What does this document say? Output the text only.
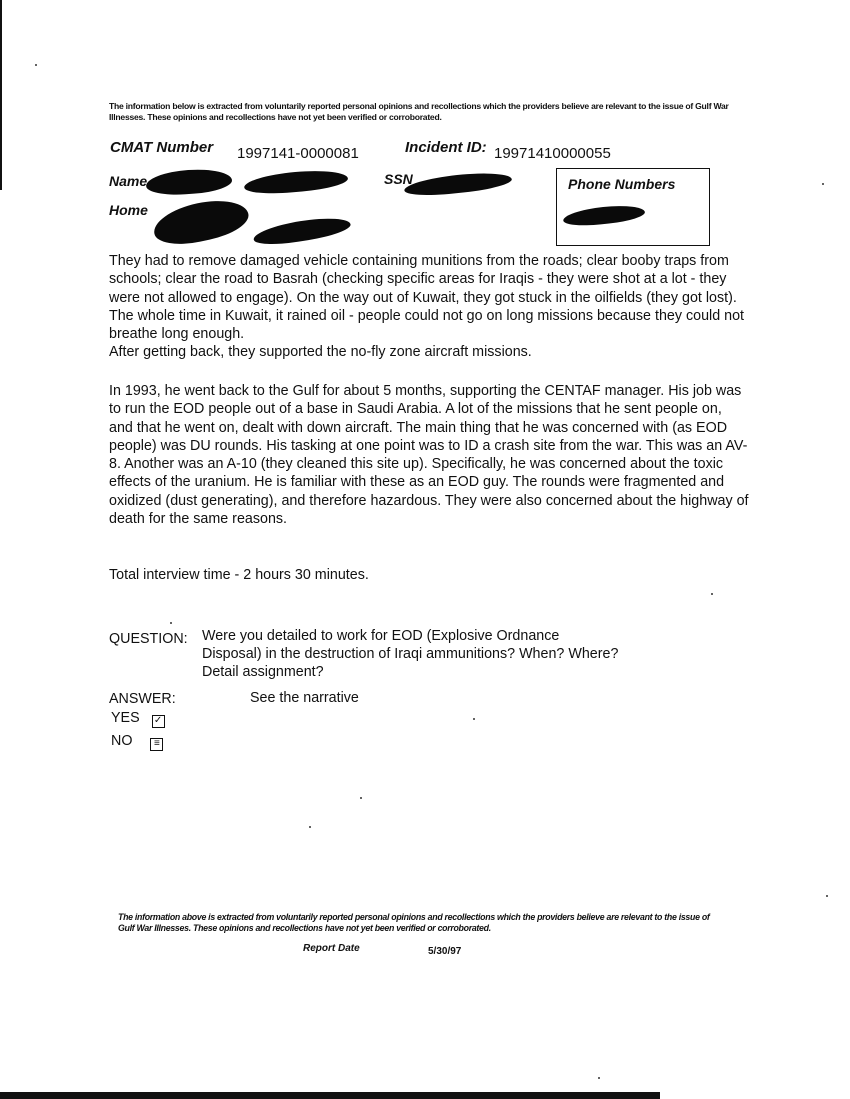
The information below is extracted from voluntarily reported personal opinions and recollections which the providers believe are relevant to the issue of Gulf War Illnesses. These opinions and recollections have not yet been verified or corroborated.
CMAT Number 1997141-0000081	Incident ID: 19971410000055
Name	SSN
Home
Phone Numbers
They had to remove damaged vehicle containing munitions from the roads; clear booby traps from schools; clear the road to Basrah (checking specific areas for Iraqis - they were shot at a lot - they were not allowed to engage). On the way out of Kuwait, they got stuck in the oilfields (they got lost). The whole time in Kuwait, it rained oil - people could not go on long missions because they could not breathe long enough.
After getting back, they supported the no-fly zone aircraft missions.
In 1993, he went back to the Gulf for about 5 months, supporting the CENTAF manager. His job was to run the EOD people out of a base in Saudi Arabia. A lot of the missions that he sent people on, and that he went on, dealt with down aircraft. The main thing that he was concerned with (as EOD people) was DU rounds. His tasking at one point was to ID a crash site from the war. This was an AV-8. Another was an A-10 (they cleaned this site up). Specifically, he was concerned about the toxic effects of the uranium. He is familiar with these as an EOD guy. The rounds were fragmented and oxidized (dust generating), and therefore hazardous. They were also concerned about the highway of death for the same reasons.
Total interview time - 2 hours 30 minutes.
QUESTION: Were you detailed to work for EOD (Explosive Ordnance Disposal) in the destruction of Iraqi ammunitions? When? Where? Detail assignment?
ANSWER:	See the narrative
YES ✓
NO ≡
The information above is extracted from voluntarily reported personal opinions and recollections which the providers believe are relevant to the issue of Gulf War Illnesses. These opinions and recollections have not yet been verified or corroborated.
Report Date	5/30/97
